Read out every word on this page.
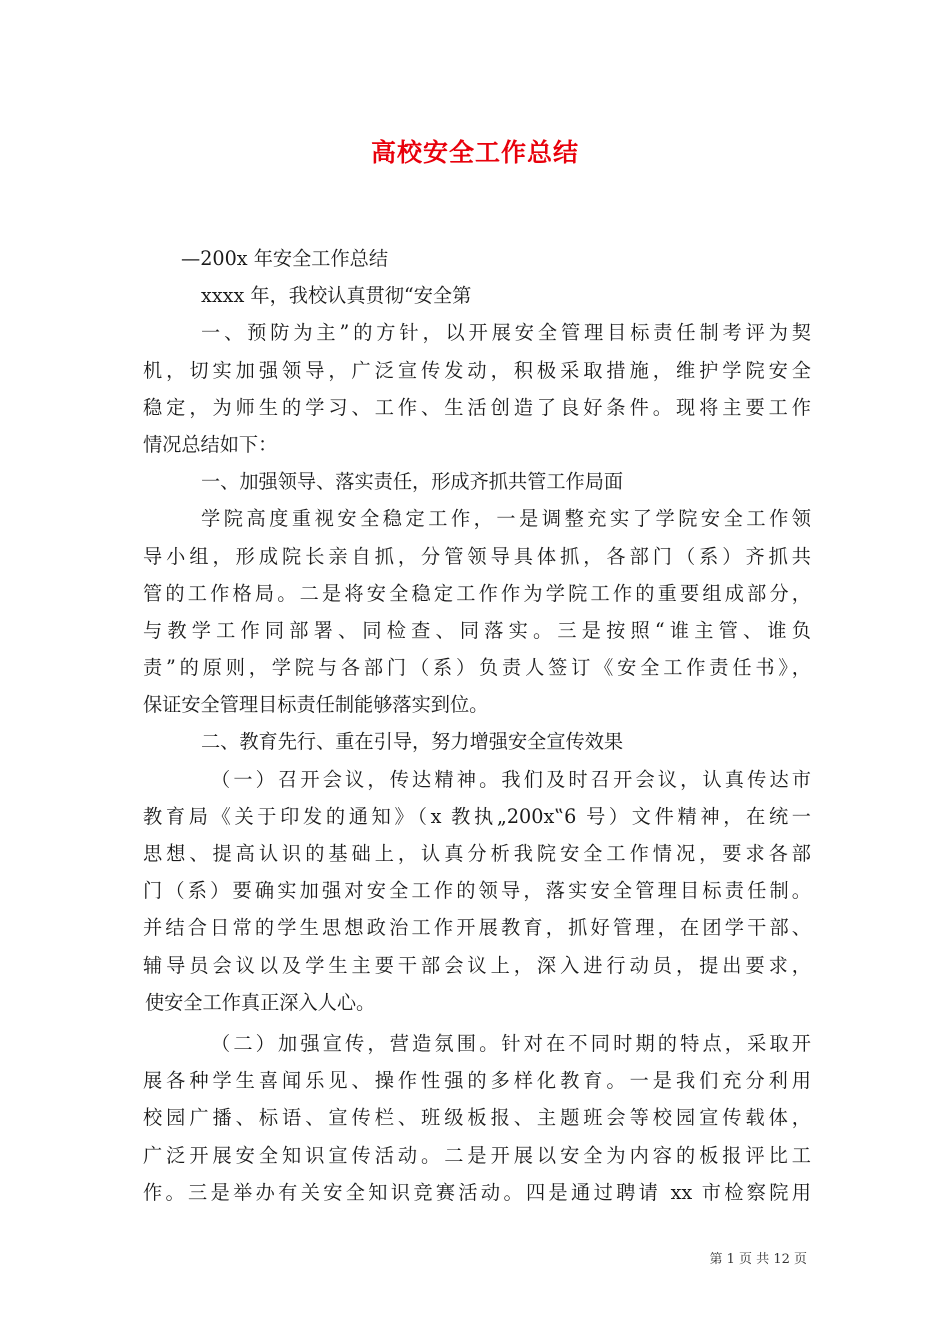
高校安全工作总结
—200x 年安全工作总结
xxxx 年，我校认真贯彻“安全第
一、预防为主”的方针，以开展安全管理目标责任制考评为契
机，切实加强领导，广泛宣传发动，积极采取措施，维护学院安全
稳定，为师生的学习、工作、生活创造了良好条件。现将主要工作
情况总结如下：
一、加强领导、落实责任，形成齐抓共管工作局面
学院高度重视安全稳定工作，一是调整充实了学院安全工作领
导小组，形成院长亲自抓，分管领导具体抓，各部门（系）齐抓共
管的工作格局。二是将安全稳定工作作为学院工作的重要组成部分，
与教学工作同部署、同检查、同落实。三是按照“谁主管、谁负
责”的原则，学院与各部门（系）负责人签订《安全工作责任书》，
保证安全管理目标责任制能够落实到位。
二、教育先行、重在引导，努力增强安全宣传效果
（一）召开会议，传达精神。我们及时召开会议，认真传达市
教育局《关于印发的通知》（x 教执„200x‟6 号）文件精神，在统一
思想、提高认识的基础上，认真分析我院安全工作情况，要求各部
门（系）要确实加强对安全工作的领导，落实安全管理目标责任制。
并结合日常的学生思想政治工作开展教育，抓好管理，在团学干部、
辅导员会议以及学生主要干部会议上，深入进行动员，提出要求，
使安全工作真正深入人心。
（二）加强宣传，营造氛围。针对在不同时期的特点，采取开
展各种学生喜闻乐见、操作性强的多样化教育。一是我们充分利用
校园广播、标语、宣传栏、班级板报、主题班会等校园宣传载体，
广泛开展安全知识宣传活动。二是开展以安全为内容的板报评比工
作。三是举办有关安全知识竞赛活动。四是通过聘请 xx 市检察院用
第 1 页 共 12 页
